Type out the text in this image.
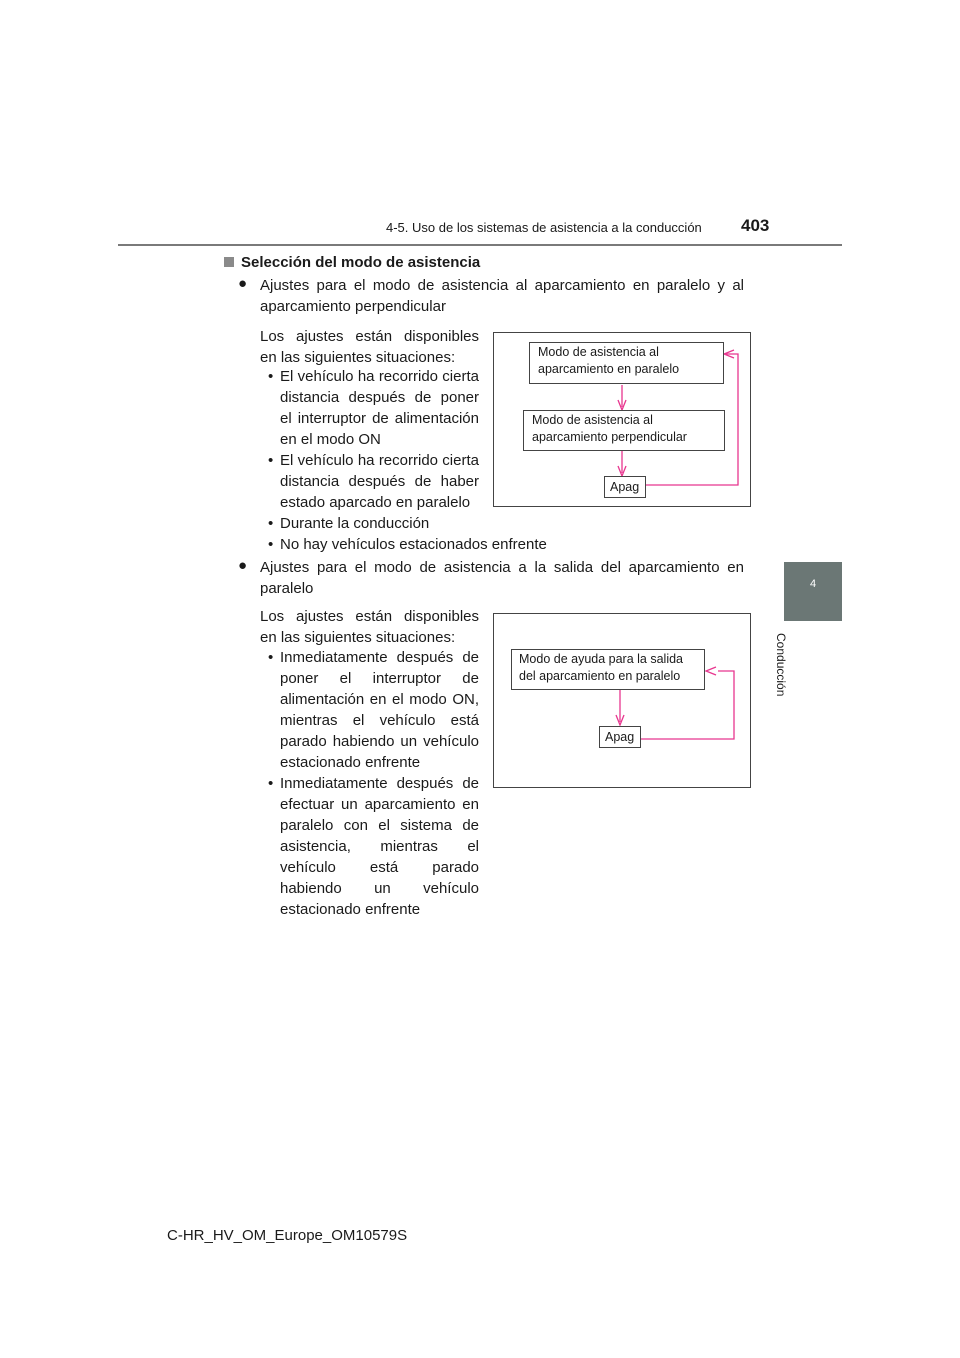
4-5. Uso de los sistemas de asistencia a la conducción 403
4
Conducción
Selección del modo de asistencia
● Ajustes para el modo de asistencia al aparcamiento en paralelo y al
aparcamiento perpendicular
Los ajustes están disponibles
en las siguientes situaciones:
• El vehículo ha recorrido cierta
distancia después de poner
el interruptor de alimentación
en el modo ON
• El vehículo ha recorrido cierta
distancia después de haber
estado aparcado en paralelo
• Durante la conducción
• No hay vehículos estacionados enfrente
Modo de asistencia al
aparcamiento en paralelo
Modo de asistencia al
aparcamiento perpendicular
Apag
● Ajustes para el modo de asistencia a la salida del aparcamiento en
paralelo
Los ajustes están disponibles
en las siguientes situaciones:
• Inmediatamente después de
poner el interruptor de
alimentación en el modo ON,
mientras el vehículo está
parado habiendo un vehículo
estacionado enfrente
• Inmediatamente después de
efectuar un aparcamiento en
paralelo con el sistema de
asistencia, mientras el
vehículo está parado
habiendo un vehículo
estacionado enfrente
Modo de ayuda para la salida
del aparcamiento en paralelo
Apag
C-HR_HV_OM_Europe_OM10579S
